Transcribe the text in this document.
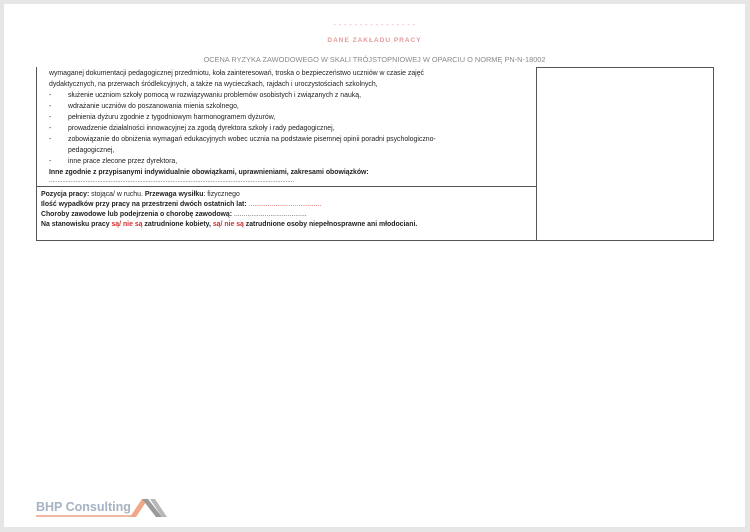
- - - - - - - - - - - - - - - -
DANE ZAKŁADU PRACY
OCENA RYZYKA ZAWODOWEGO W SKALI TRÓJSTOPNIOWEJ W OPARCIU O NORMĘ PN-N-18002
wymaganej dokumentacji pedagogicznej przedmiotu, koła zainteresowań, troska o bezpieczeństwo uczniów w czasie zajęć
dydaktycznych, na przerwach śródlekcyjnych, a także na wycieczkach, rajdach i uroczystościach szkolnych,
- służenie uczniom szkoły pomocą w rozwiązywaniu problemów osobistych i związanych z nauką,
- wdrażanie uczniów do poszanowania mienia szkolnego,
- pełnienia dyżuru zgodnie z tygodniowym harmonogramem dyżurów,
- prowadzenie działalności innowacyjnej za zgodą dyrektora szkoły i rady pedagogicznej,
- zobowiązanie do obniżenia wymagań edukacyjnych wobec ucznia na podstawie pisemnej opinii poradni psychologiczno-
pedagogicznej,
- inne prace zlecone przez dyrektora,
Inne zgodnie z przypisanymi indywidualnie obowiązkami, uprawnieniami, zakresami obowiązków:
...................................................................................................................................................
Pozycja pracy: stojąca/ w ruchu. Przewaga wysiłku: fizycznego
Ilość wypadków przy pracy na przestrzeni dwóch ostatnich lat: ......................................
Choroby zawodowe lub podejrzenia o chorobę zawodową: ......................................
Na stanowisku pracy są/ nie są zatrudnione kobiety, są/ nie są zatrudnione osoby niepełnosprawne ani młodociani.
BHP Consulting
